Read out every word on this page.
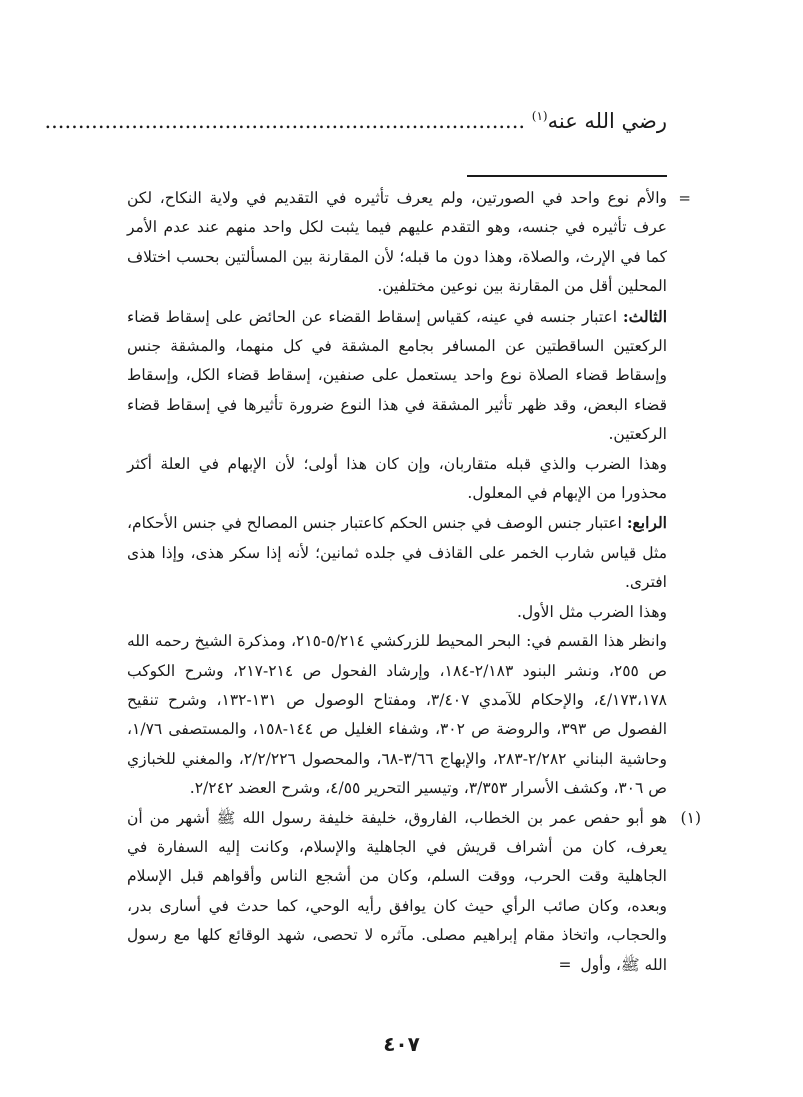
رضي الله عنه$^{(١)}$ ........................................................................

= والأم نوع واحد في الصورتين، ولم يعرف تأثيره في التقديم في ولاية النكاح، لكن عرف تأثيره في جنسه، وهو التقدم عليهم فيما يثبت لكل واحد منهم عند عدم الأمر كما في الإرث، والصلاة، وهذا دون ما قبله؛ لأن المقارنة بين المسألتين بحسب اختلاف المحلين أقل من المقارنة بين نوعين مختلفين.

الثالث: اعتبار جنسه في عينه، كقياس إسقاط القضاء عن الحائض على إسقاط قضاء الركعتين الساقطتين عن المسافر بجامع المشقة في كل منهما، والمشقة جنس وإسقاط قضاء الصلاة نوع واحد يستعمل على صنفين، إسقاط قضاء الكل، وإسقاط قضاء البعض، وقد ظهر تأثير المشقة في هذا النوع ضرورة تأثيرها في إسقاط قضاء الركعتين.

وهذا الضرب والذي قبله متقاربان، وإن كان هذا أولى؛ لأن الإبهام في العلة أكثر محذورا من الإبهام في المعلول.

الرابع: اعتبار جنس الوصف في جنس الحكم كاعتبار جنس المصالح في جنس الأحكام، مثل قياس شارب الخمر على القاذف في جلده ثمانين؛ لأنه إذا سكر هذى، وإذا هذى افترى.

وهذا الضرب مثل الأول.

وانظر هذا القسم في: البحر المحيط للزركشي ٥/٢١٤-٢١٥، ومذكرة الشيخ رحمه الله ص ٢٥٥، ونشر البنود ٢/١٨٣-١٨٤، وإرشاد الفحول ص ٢١٤-٢١٧، وشرح الكوكب ٤/١٧٣،١٧٨، والإحكام للآمدي ٣/٤٠٧، ومفتاح الوصول ص ١٣١-١٣٢، وشرح تنقيح الفصول ص ٣٩٣، والروضة ص ٣٠٢، وشفاء الغليل ص ١٤٤-١٥٨، والمستصفى ١/٧٦، وحاشية البناني ٢/٢٨٢-٢٨٣، والإبهاج ٣/٦٦-٦٨، والمحصول ٢/٢/٢٢٦، والمغني للخبازي ص ٣٠٦، وكشف الأسرار ٣/٣٥٣، وتيسير التحرير ٤/٥٥، وشرح العضد ٢/٢٤٢.

(١)
هو أبو حفص عمر بن الخطاب، الفاروق، خليفة خليفة رسول الله ﷺ أشهر من أن يعرف، كان من أشراف قريش في الجاهلية والإسلام، وكانت إليه السفارة في الجاهلية وقت الحرب، ووقت السلم، وكان من أشجع الناس وأقواهم قبل الإسلام وبعده، وكان صائب الرأي حيث كان يوافق رأيه الوحي، كما حدث في أسارى بدر، والحجاب، واتخاذ مقام إبراهيم مصلى. مآثره لا تحصى، شهد الوقائع كلها مع رسول الله ﷺ، وأول =

٤٠٧
